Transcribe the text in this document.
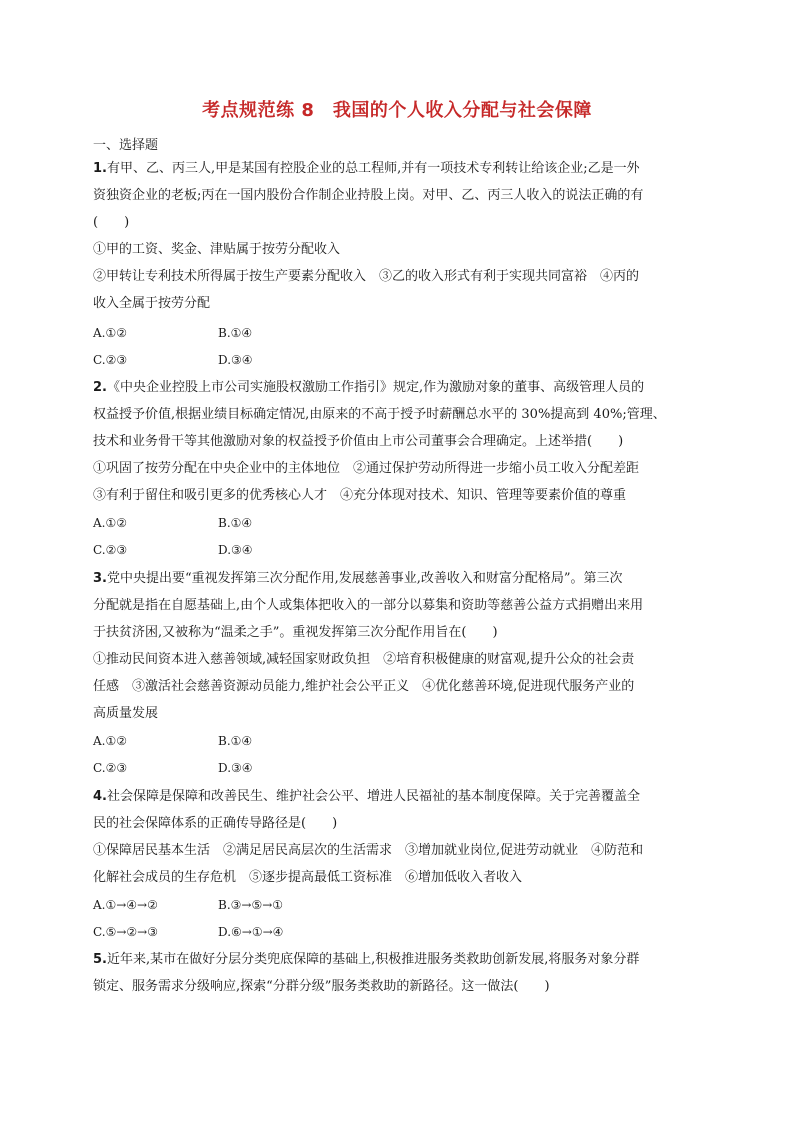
考点规范练 8　我国的个人收入分配与社会保障
一、选择题
1.有甲、乙、丙三人,甲是某国有控股企业的总工程师,并有一项技术专利转让给该企业;乙是一外
资独资企业的老板;丙在一国内股份合作制企业持股上岗。对甲、乙、丙三人收入的说法正确的有
(　　)
①甲的工资、奖金、津贴属于按劳分配收入
②甲转让专利技术所得属于按生产要素分配收入　③乙的收入形式有利于实现共同富裕　④丙的
收入全属于按劳分配
A.①②	B.①④
C.②③	D.③④
2.《中央企业控股上市公司实施股权激励工作指引》规定,作为激励对象的董事、高级管理人员的
权益授予价值,根据业绩目标确定情况,由原来的不高于授予时薪酬总水平的 30%提高到 40%;管理、
技术和业务骨干等其他激励对象的权益授予价值由上市公司董事会合理确定。上述举措(　　)
①巩固了按劳分配在中央企业中的主体地位　②通过保护劳动所得进一步缩小员工收入分配差距
③有利于留住和吸引更多的优秀核心人才　④充分体现对技术、知识、管理等要素价值的尊重
A.①②	B.①④
C.②③	D.③④
3.党中央提出要“重视发挥第三次分配作用,发展慈善事业,改善收入和财富分配格局”。第三次
分配就是指在自愿基础上,由个人或集体把收入的一部分以募集和资助等慈善公益方式捐赠出来用
于扶贫济困,又被称为“温柔之手”。重视发挥第三次分配作用旨在(　　)
①推动民间资本进入慈善领域,减轻国家财政负担　②培育积极健康的财富观,提升公众的社会责
任感　③激活社会慈善资源动员能力,维护社会公平正义　④优化慈善环境,促进现代服务产业的
高质量发展
A.①②	B.①④
C.②③	D.③④
4.社会保障是保障和改善民生、维护社会公平、增进人民福祉的基本制度保障。关于完善覆盖全
民的社会保障体系的正确传导路径是(　　)
①保障居民基本生活　②满足居民高层次的生活需求　③增加就业岗位,促进劳动就业　④防范和
化解社会成员的生存危机　⑤逐步提高最低工资标准　⑥增加低收入者收入
A.①→④→②	B.③→⑤→①
C.⑤→②→③	D.⑥→①→④
5.近年来,某市在做好分层分类兜底保障的基础上,积极推进服务类救助创新发展,将服务对象分群
锁定、服务需求分级响应,探索“分群分级”服务类救助的新路径。这一做法(　　)
